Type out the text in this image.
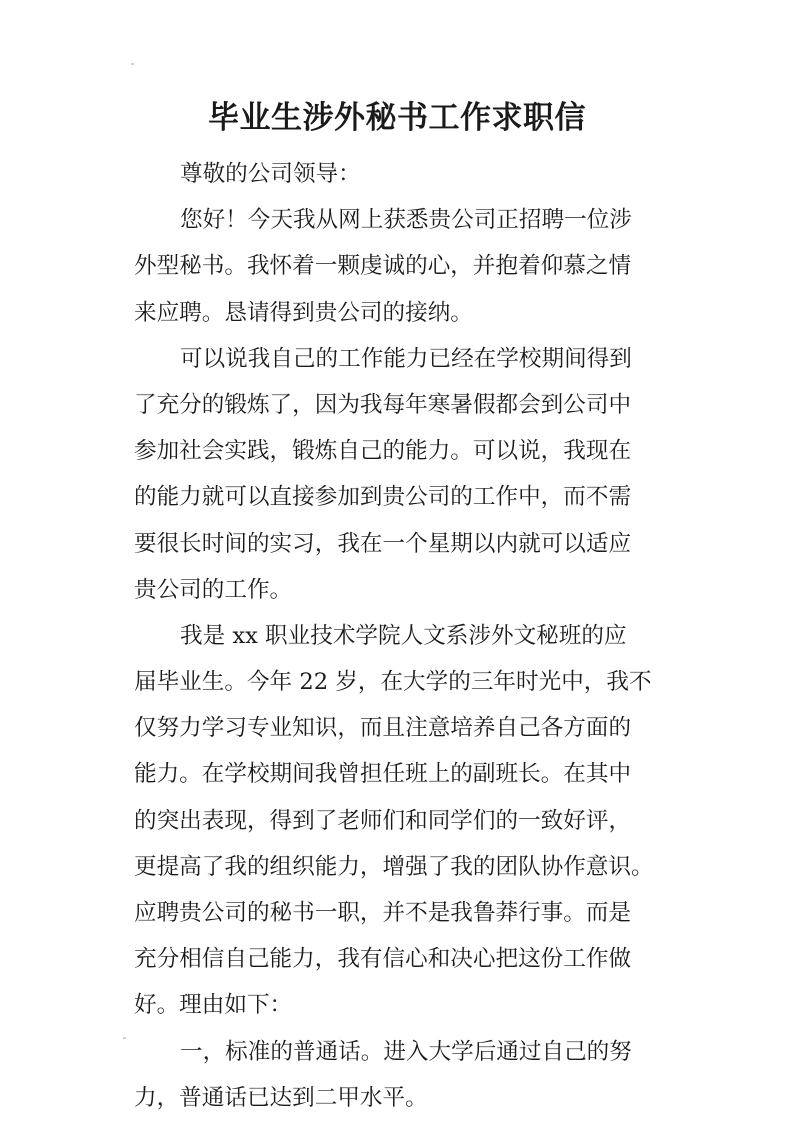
毕业生涉外秘书工作求职信
尊敬的公司领导：
您好！今天我从网上获悉贵公司正招聘一位涉
外型秘书。我怀着一颗虔诚的心，并抱着仰慕之情
来应聘。恳请得到贵公司的接纳。
可以说我自己的工作能力已经在学校期间得到
了充分的锻炼了，因为我每年寒暑假都会到公司中
参加社会实践，锻炼自己的能力。可以说，我现在
的能力就可以直接参加到贵公司的工作中，而不需
要很长时间的实习，我在一个星期以内就可以适应
贵公司的工作。
我是 xx 职业技术学院人文系涉外文秘班的应
届毕业生。今年 22 岁，在大学的三年时光中，我不
仅努力学习专业知识，而且注意培养自己各方面的
能力。在学校期间我曾担任班上的副班长。在其中
的突出表现，得到了老师们和同学们的一致好评，
更提高了我的组织能力，增强了我的团队协作意识。
应聘贵公司的秘书一职，并不是我鲁莽行事。而是
充分相信自己能力，我有信心和决心把这份工作做
好。理由如下：
一，标准的普通话。进入大学后通过自己的努
力，普通话已达到二甲水平。
